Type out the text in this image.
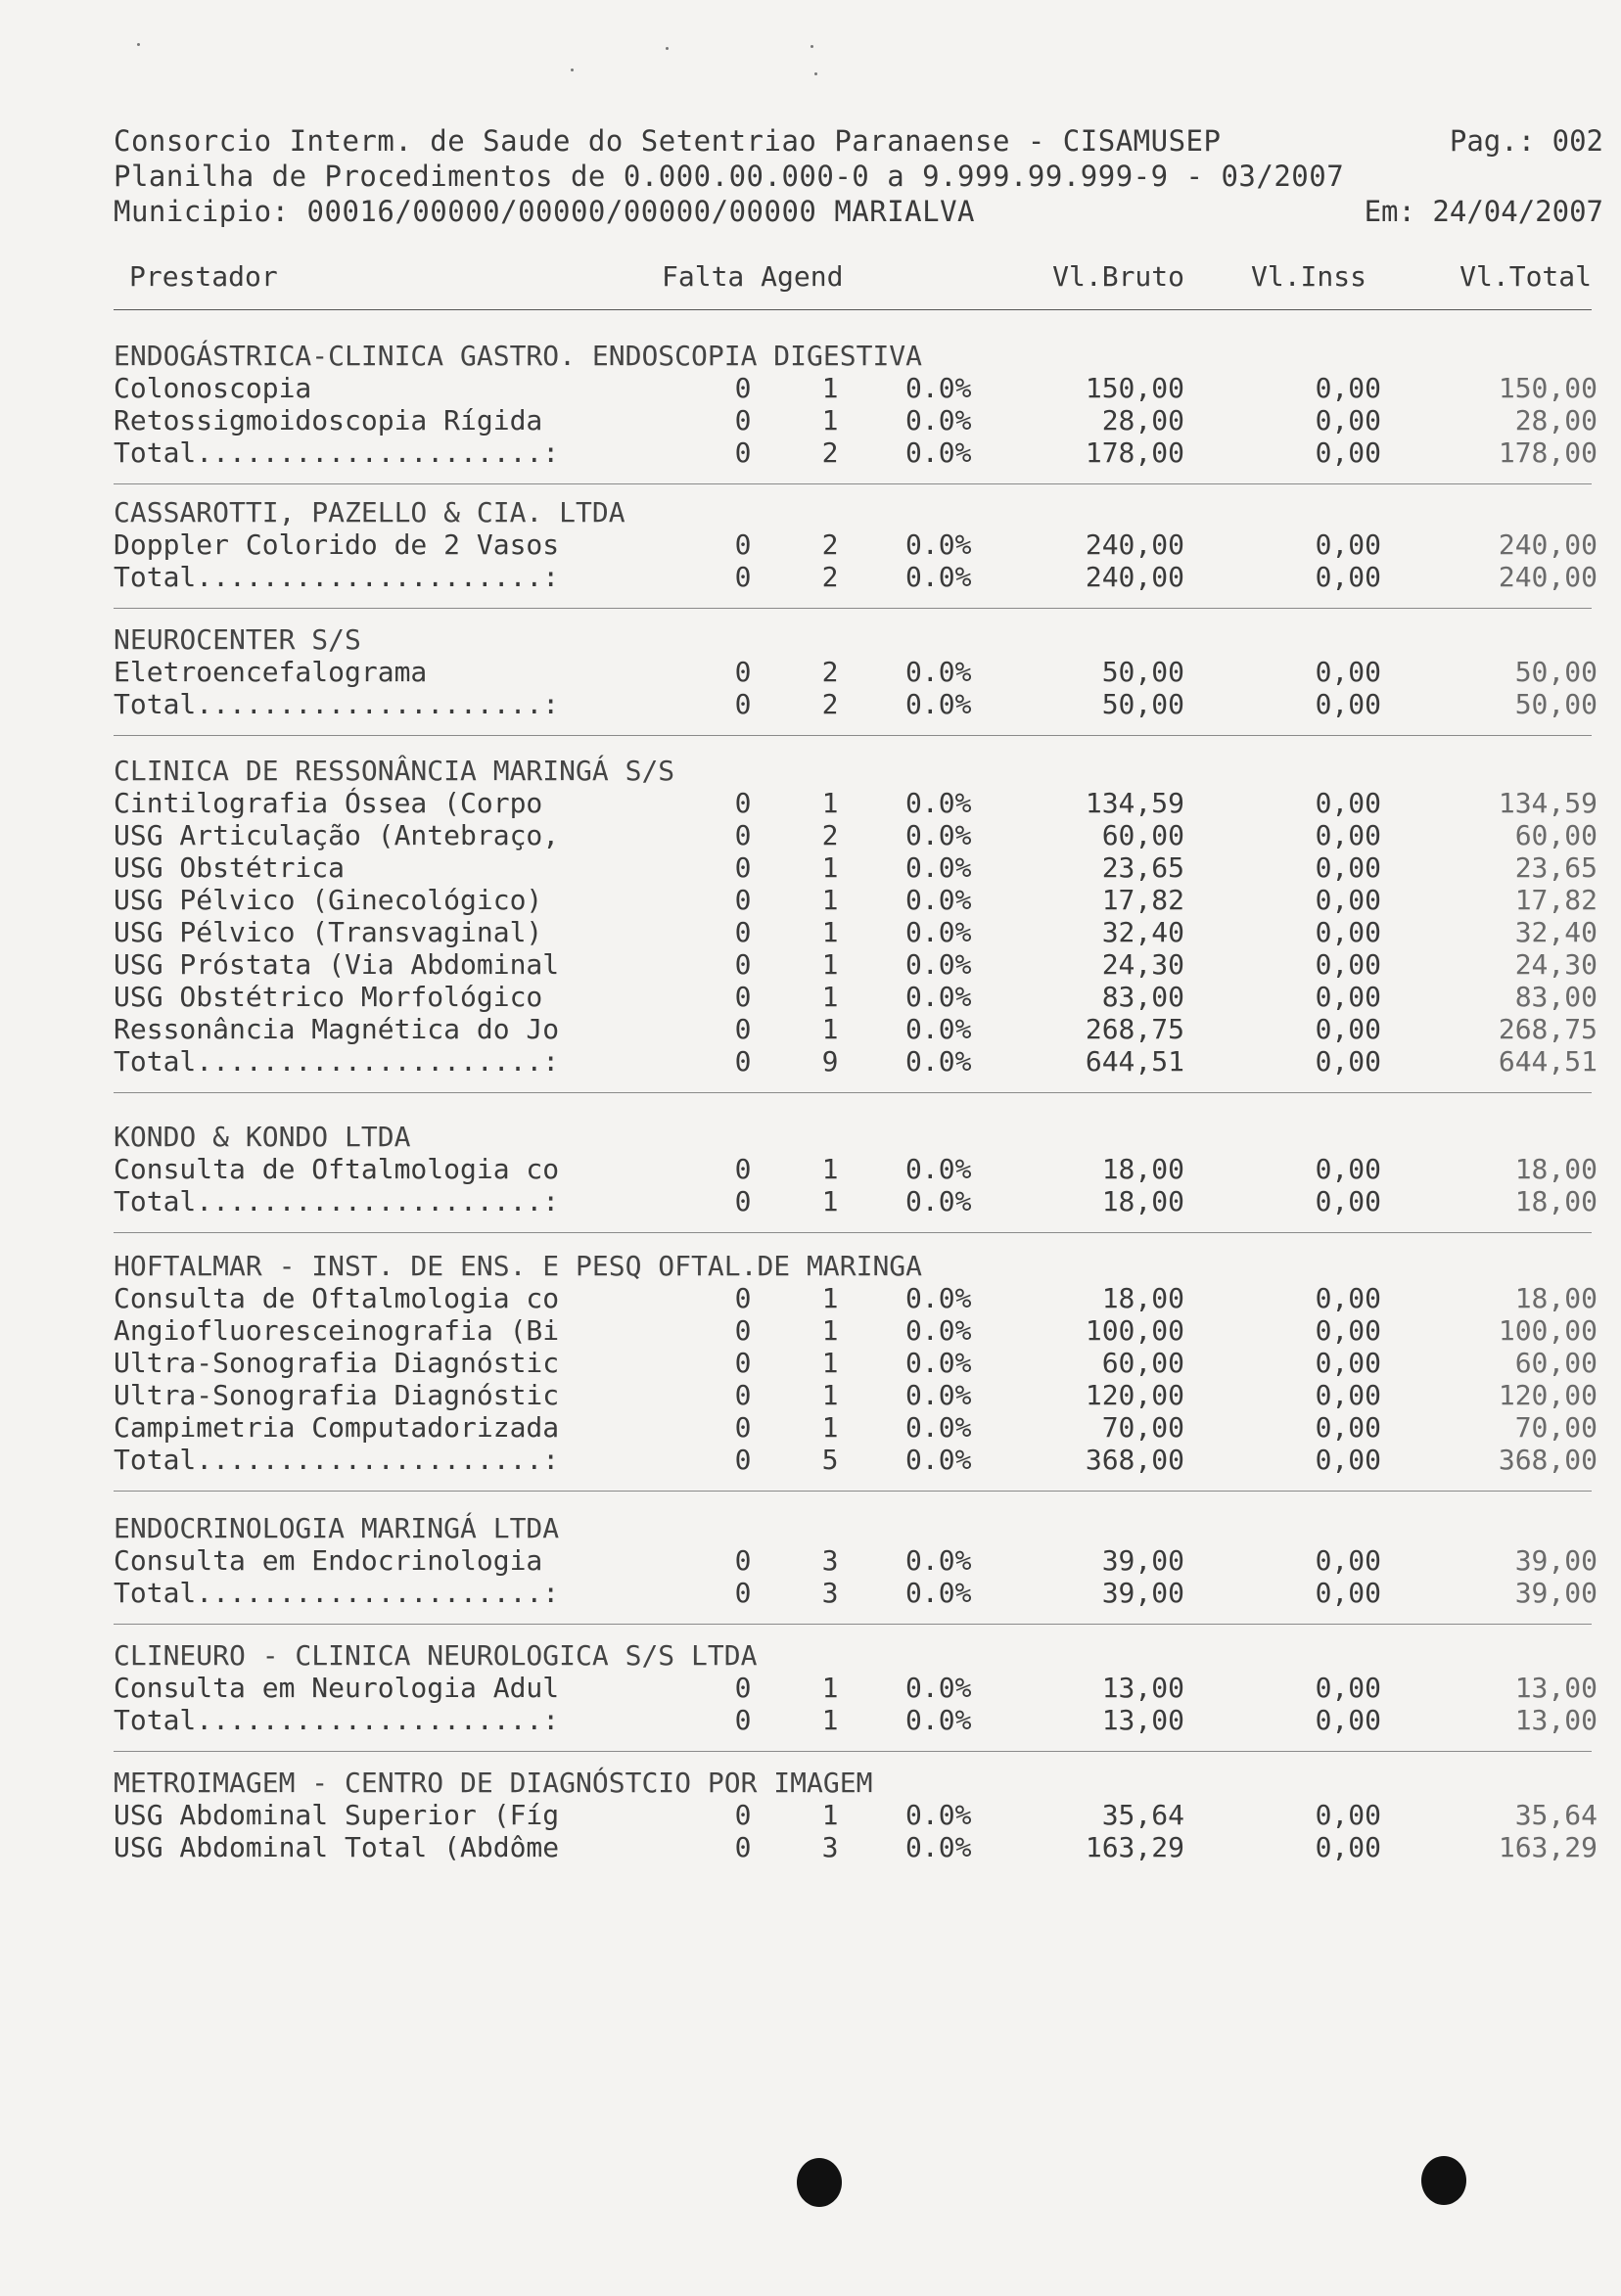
Consorcio Interm. de Saude do Setentriao Paranaense - CISAMUSEP
Planilha de Procedimentos de 0.000.00.000-0 a 9.999.99.999-9 - 03/2007
Municipio: 00016/00000/00000/00000/00000 MARIALVA
Pag.: 002

Em: 24/04/2007
Prestador	Falta Agend	Vl.Bruto Vl.Inss	Vl.Total
ENDOGÁSTRICA-CLINICA GASTRO. ENDOSCOPIA DIGESTIVA
Colonoscopia	0	1 0.0%	150,00	0,00	150,00
Retossigmoidoscopia Rígida	0	1 0.0%	28,00	0,00	28,00
Total.....................:	0	2 0.0%	178,00	0,00	178,00
CASSAROTTI, PAZELLO & CIA. LTDA
Doppler Colorido de 2 Vasos	0	2 0.0%	240,00	0,00	240,00
Total.....................:	0	2 0.0%	240,00	0,00	240,00
NEUROCENTER S/S
Eletroencefalograma	0	2 0.0%	50,00	0,00	50,00
Total.....................:	0	2 0.0%	50,00	0,00	50,00
CLINICA DE RESSONÂNCIA MARINGÁ S/S
Cintilografia Óssea (Corpo	0	1 0.0%	134,59	0,00	134,59
USG Articulação (Antebraço,	0	2 0.0%	60,00	0,00	60,00
USG Obstétrica	0	1 0.0%	23,65	0,00	23,65
USG Pélvico (Ginecológico)	0	1 0.0%	17,82	0,00	17,82
USG Pélvico (Transvaginal)	0	1 0.0%	32,40	0,00	32,40
USG Próstata (Via Abdominal	0	1 0.0%	24,30	0,00	24,30
USG Obstétrico Morfológico	0	1 0.0%	83,00	0,00	83,00
Ressonância Magnética do Jo	0	1 0.0%	268,75	0,00	268,75
Total.....................:	0	9 0.0%	644,51	0,00	644,51
KONDO & KONDO LTDA
Consulta de Oftalmologia co	0	1 0.0%	18,00	0,00	18,00
Total.....................:	0	1 0.0%	18,00	0,00	18,00
HOFTALMAR - INST. DE ENS. E PESQ OFTAL.DE MARINGA
Consulta de Oftalmologia co	0	1 0.0%	18,00	0,00	18,00
Angiofluoresceinografia (Bi	0	1 0.0%	100,00	0,00	100,00
Ultra-Sonografia Diagnóstic	0	1 0.0%	60,00	0,00	60,00
Ultra-Sonografia Diagnóstic	0	1 0.0%	120,00	0,00	120,00
Campimetria Computadorizada	0	1 0.0%	70,00	0,00	70,00
Total.....................:	0	5 0.0%	368,00	0,00	368,00
ENDOCRINOLOGIA MARINGÁ LTDA
Consulta em Endocrinologia	0	3 0.0%	39,00	0,00	39,00
Total.....................:	0	3 0.0%	39,00	0,00	39,00
CLINEURO - CLINICA NEUROLOGICA S/S LTDA
Consulta em Neurologia Adul	0	1 0.0%	13,00	0,00	13,00
Total.....................:	0	1 0.0%	13,00	0,00	13,00
METROIMAGEM - CENTRO DE DIAGNÓSTCIO POR IMAGEM
USG Abdominal Superior (Fíg	0	1 0.0%	35,64	0,00	35,64
USG Abdominal Total (Abdôme	0	3 0.0%	163,29	0,00	163,29
